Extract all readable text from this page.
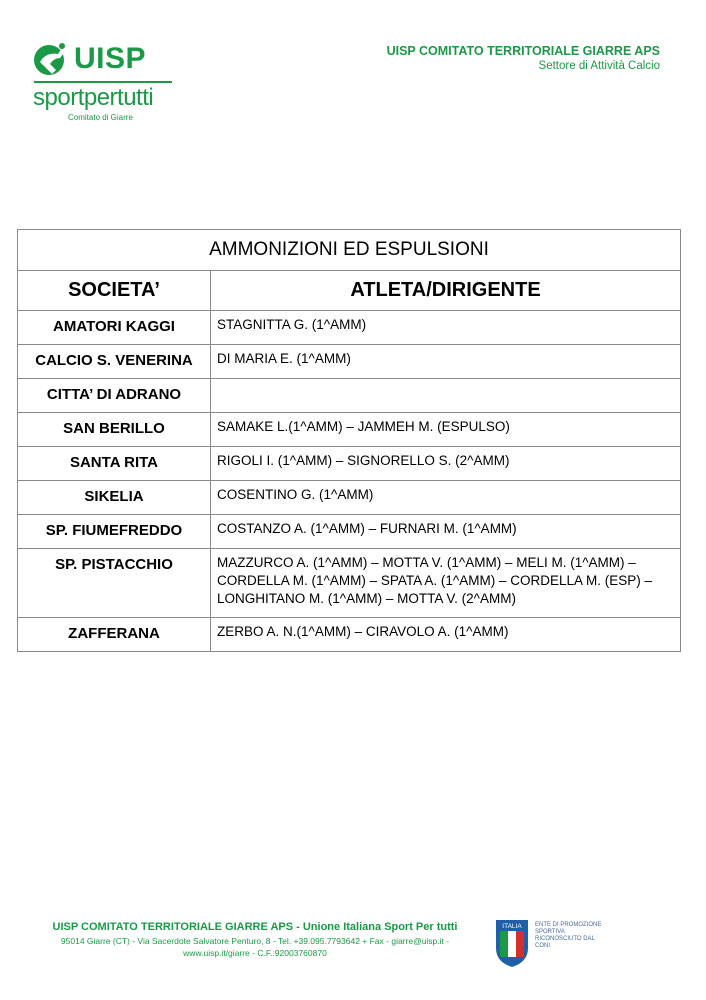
UISP
sportpertutti
Comitato di Giarre
UISP COMITATO TERRITORIALE GIARRE APS
Settore di Attività Calcio
AMMONIZIONI ED ESPULSIONI	
SOCIETA’	ATLETA/DIRIGENTE
AMATORI KAGGI	STAGNITTA G. (1^AMM)
CALCIO S. VENERINA	DI MARIA E. (1^AMM)
CITTA’ DI ADRANO	
SAN BERILLO	SAMAKE L.(1^AMM) – JAMMEH M. (ESPULSO)
SANTA RITA	RIGOLI I. (1^AMM) – SIGNORELLO S. (2^AMM)
SIKELIA	COSENTINO G. (1^AMM)
SP. FIUMEFREDDO	COSTANZO A. (1^AMM) – FURNARI M. (1^AMM)
SP. PISTACCHIO	MAZZURCO A. (1^AMM) – MOTTA V. (1^AMM) – MELI M. (1^AMM) – CORDELLA M. (1^AMM) – SPATA A. (1^AMM) – CORDELLA M. (ESP) – LONGHITANO M. (1^AMM) – MOTTA V. (2^AMM)
ZAFFERANA	ZERBO A. N.(1^AMM) – CIRAVOLO A. (1^AMM)
UISP COMITATO TERRITORIALE GIARRE APS - Unione Italiana Sport Per tutti
95014 Giarre (CT) - Via Sacerdote Salvatore Penturo, 8 - Tel. +39.095.7793642 + Fax - giarre@uisp.it - www.uisp.it/giarre - C.F.:92003760870
ITALIA ENTE DI PROMOZIONE SPORTIVA RICONOSCIUTO DAL CONI
